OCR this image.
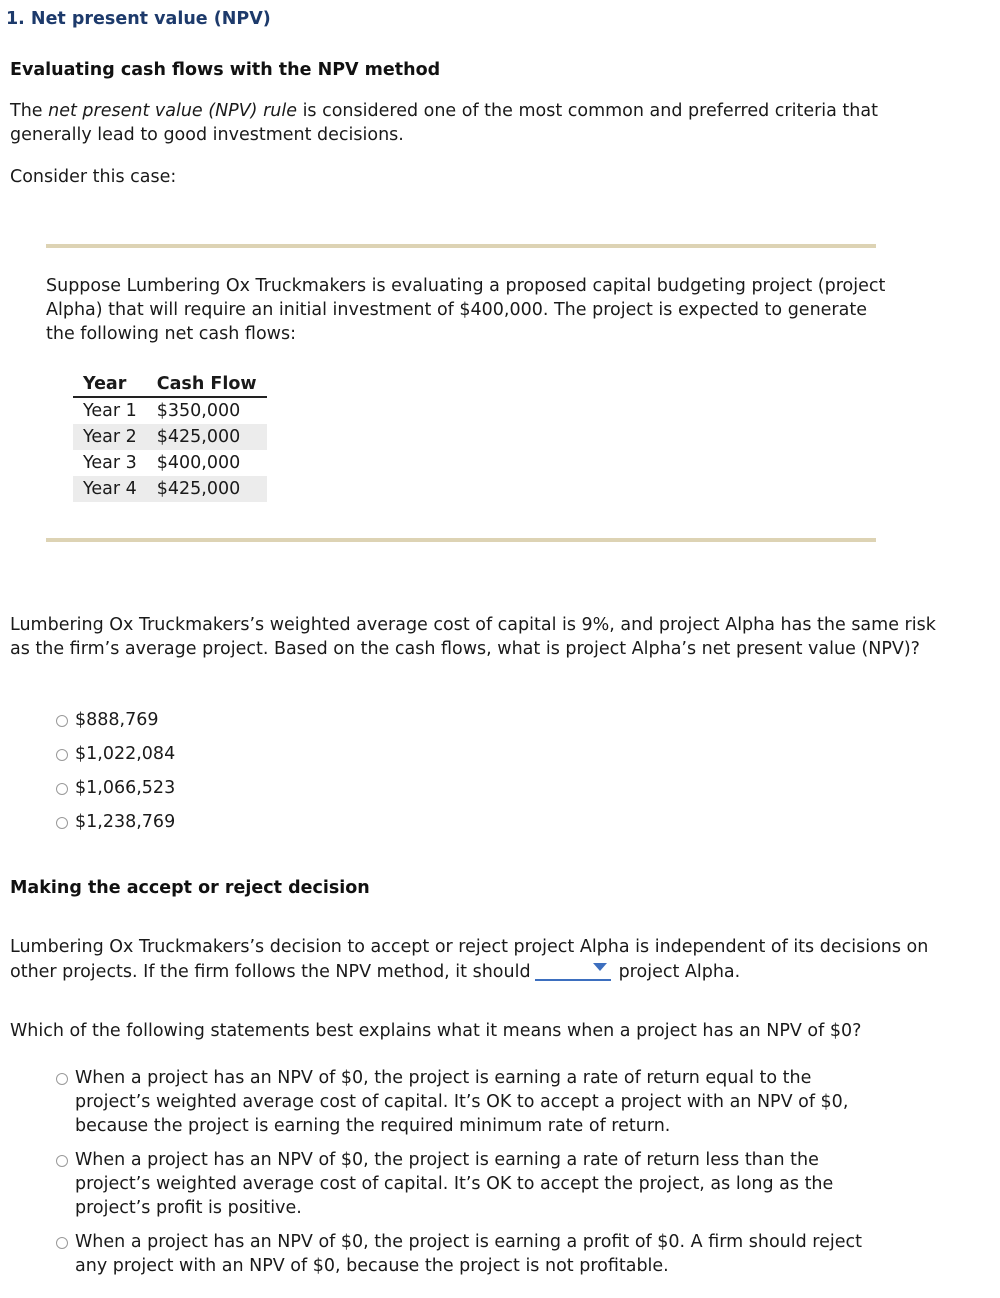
1. Net present value (NPV)
Evaluating cash flows with the NPV method
The net present value (NPV) rule is considered one of the most common and preferred criteria that generally lead to good investment decisions.
Consider this case:
Suppose Lumbering Ox Truckmakers is evaluating a proposed capital budgeting project (project Alpha) that will require an initial investment of $400,000. The project is expected to generate the following net cash flows:
Year	Cash Flow
Year 1	$350,000
Year 2	$425,000
Year 3	$400,000
Year 4	$425,000
Lumbering Ox Truckmakers’s weighted average cost of capital is 9%, and project Alpha has the same risk as the firm’s average project. Based on the cash flows, what is project Alpha’s net present value (NPV)?
$888,769
$1,022,084
$1,066,523
$1,238,769
Making the accept or reject decision
Lumbering Ox Truckmakers’s decision to accept or reject project Alpha is independent of its decisions on other projects. If the firm follows the NPV method, it should	project Alpha.
Which of the following statements best explains what it means when a project has an NPV of $0?
When a project has an NPV of $0, the project is earning a rate of return equal to the project’s weighted average cost of capital. It’s OK to accept a project with an NPV of $0, because the project is earning the required minimum rate of return.
When a project has an NPV of $0, the project is earning a rate of return less than the project’s weighted average cost of capital. It’s OK to accept the project, as long as the project’s profit is positive.
When a project has an NPV of $0, the project is earning a profit of $0. A firm should reject any project with an NPV of $0, because the project is not profitable.
